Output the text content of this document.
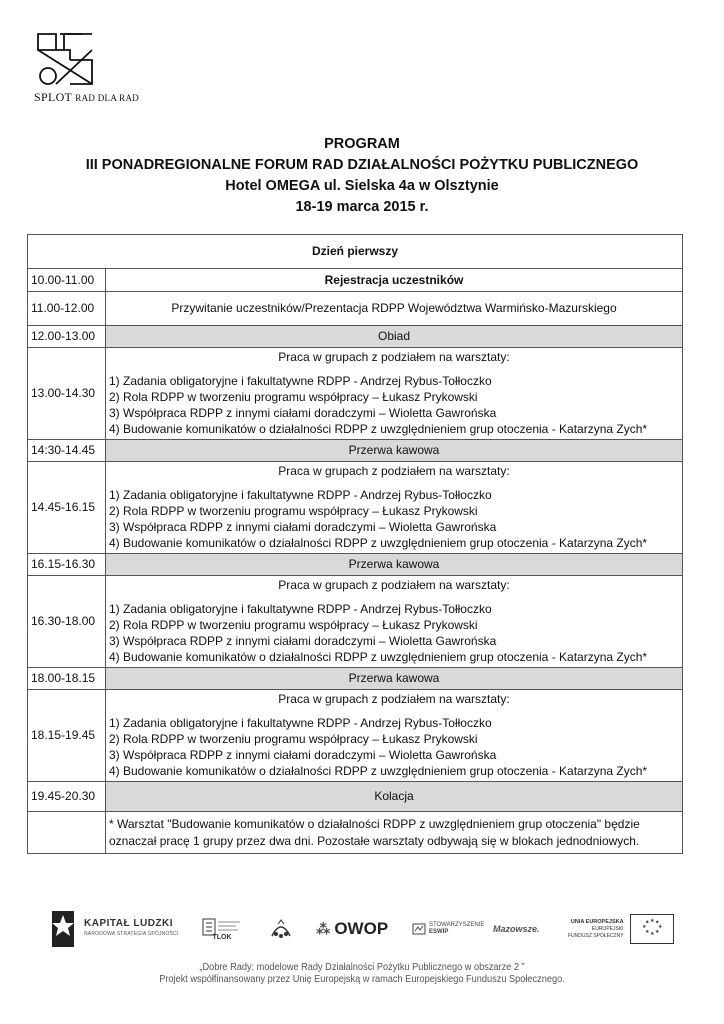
SPLOT RAD DLA RAD
PROGRAM
III PONADREGIONALNE FORUM RAD DZIAŁALNOŚCI POŻYTKU PUBLICZNEGO
Hotel OMEGA ul. Sielska 4a w Olsztynie
18-19 marca 2015 r.
Dzień pierwszy	
10.00-11.00	Rejestracja uczestników
11.00-12.00	Przywitanie uczestników/Prezentacja RDPP Województwa Warmińsko-Mazurskiego
12.00-13.00	Obiad
13.00-14.30	Praca w grupach z podziałem na warsztaty:
1) Zadania obligatoryjne i fakultatywne RDPP - Andrzej Rybus-Tołłoczko
2) Rola RDPP w tworzeniu programu współpracy – Łukasz Prykowski
3) Współpraca RDPP z innymi ciałami doradczymi – Wioletta Gawrońska
4) Budowanie komunikatów o działalności RDPP z uwzględnieniem grup otoczenia - Katarzyna Zych*

14:30-14.45	Przerwa kawowa
14.45-16.15	Praca w grupach z podziałem na warsztaty:
1) Zadania obligatoryjne i fakultatywne RDPP - Andrzej Rybus-Tołłoczko
2) Rola RDPP w tworzeniu programu współpracy – Łukasz Prykowski
3) Współpraca RDPP z innymi ciałami doradczymi – Wioletta Gawrońska
4) Budowanie komunikatów o działalności RDPP z uwzględnieniem grup otoczenia - Katarzyna Zych*

16.15-16.30	Przerwa kawowa
16.30-18.00	Praca w grupach z podziałem na warsztaty:
1) Zadania obligatoryjne i fakultatywne RDPP - Andrzej Rybus-Tołłoczko
2) Rola RDPP w tworzeniu programu współpracy – Łukasz Prykowski
3) Współpraca RDPP z innymi ciałami doradczymi – Wioletta Gawrońska
4) Budowanie komunikatów o działalności RDPP z uwzględnieniem grup otoczenia - Katarzyna Zych*

18.00-18.15	Przerwa kawowa
18.15-19.45	Praca w grupach z podziałem na warsztaty:
1) Zadania obligatoryjne i fakultatywne RDPP - Andrzej Rybus-Tołłoczko
2) Rola RDPP w tworzeniu programu współpracy – Łukasz Prykowski
3) Współpraca RDPP z innymi ciałami doradczymi – Wioletta Gawrońska
4) Budowanie komunikatów o działalności RDPP z uwzględnieniem grup otoczenia - Katarzyna Zych*

19.45-20.30	Kolacja

	* Warsztat "Budowanie komunikatów o działalności RDPP z uwzględnieniem grup otoczenia" będzie
oznaczał pracę 1 grupy przez dwa dni. Pozostałe warsztaty odbywają się w blokach jednodniowych.
KAPITAŁ LUDZKI
NARODOWA STRATEGIA SPÓJNOŚCI	TLOK
⁂ OWOP	STOWARZYSZENIE
ESWIP	Mazowsze.
UNIA EUROPEJSKA
EUROPEJSKI
FUNDUSZ SPOŁECZNY
★ ★
★
★
★
★
★
★
„Dobre Rady: modelowe Rady Działalności Pożytku Publicznego w obszarze 2 ”
Projekt współfinansowany przez Unię Europejską w ramach Europejskiego Funduszu Społecznego.
